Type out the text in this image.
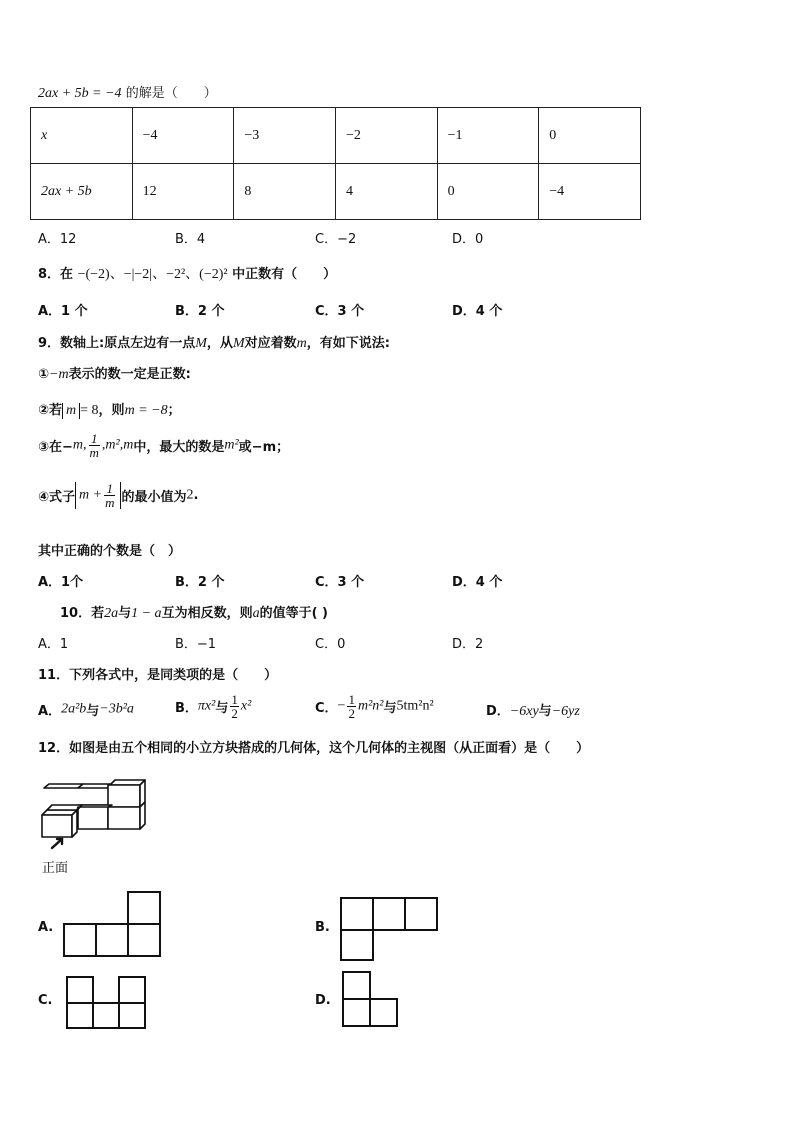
2ax + 5b = −4 的解是（　　）
x	−4	−3	−2	−1	0
2ax + 5b	12	8	4	0	−4
A．12	B．4	C．−2	D．0
8．在 −(−2)、−|−2|、−2²、(−2)² 中正数有（　　）
A．1 个	B．2 个	C．3 个	D．4 个
9．数轴上:原点左边有一点M，从M对应着数m，有如下说法:
①−m表示的数一定是正数:
②若 m = 8，则m = −8；
③在−m, $\frac{1}{m} ,m^2,m$中，最大的数是m²或−m；
④式子 $m + \frac{1}{m}$ 的最小值为2.
其中正确的个数是（　）
A．1个	B．2 个	C．3 个	D．4 个
10．若2a与1 − a互为相反数，则a的值等于( )
A．1	B．−1	C．0	D．2
11．下列各式中，是同类项的是（　　）
A．2a²b与−3b²a	B．πx²与 $\frac{1}{2} x^2$	C．− $\frac{1}{2} m^2n^2$与5tm²n²	D．−6xy与−6yz
12．如图是由五个相同的小立方块搭成的几何体，这个几何体的主视图（从正面看）是（　　）
正面
A.	B.
C.	D.
